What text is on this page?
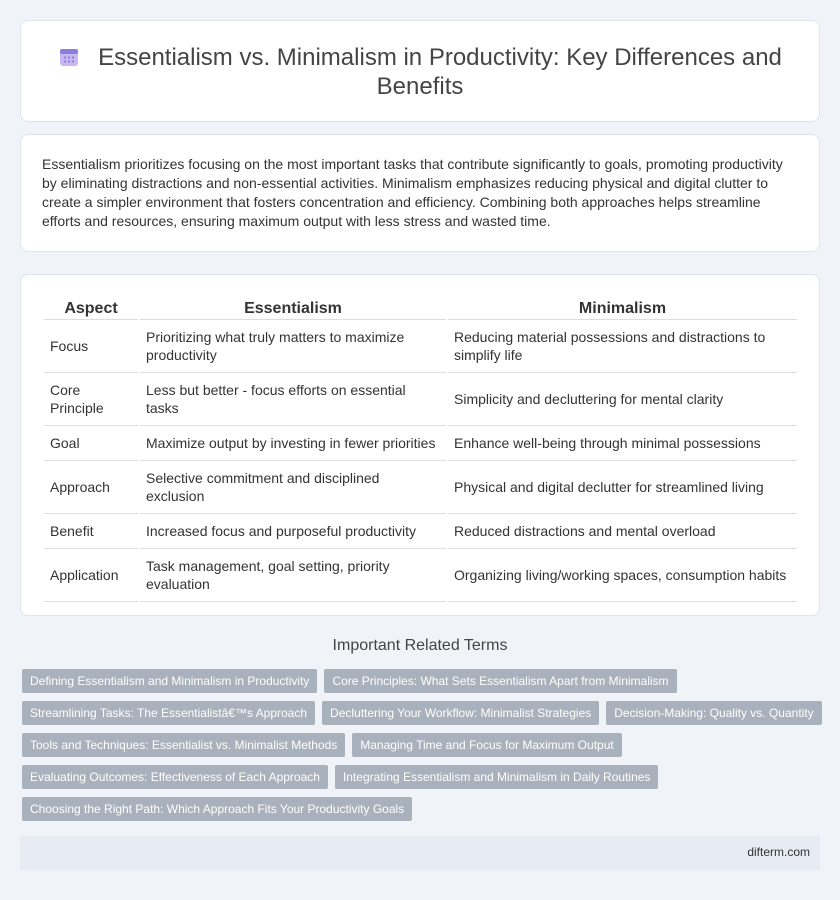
Essentialism vs. Minimalism in Productivity: Key Differences and Benefits

Essentialism prioritizes focusing on the most important tasks that contribute significantly to goals, promoting productivity by eliminating distractions and non-essential activities. Minimalism emphasizes reducing physical and digital clutter to create a simpler environment that fosters concentration and efficiency. Combining both approaches helps streamline efforts and resources, ensuring maximum output with less stress and wasted time.

Aspect	Essentialism	Minimalism
Focus	Prioritizing what truly matters to maximize productivity	Reducing material possessions and distractions to simplify life
Core Principle	Less but better - focus efforts on essential tasks	Simplicity and decluttering for mental clarity
Goal	Maximize output by investing in fewer priorities	Enhance well-being through minimal possessions
Approach	Selective commitment and disciplined exclusion	Physical and digital declutter for streamlined living
Benefit	Increased focus and purposeful productivity	Reduced distractions and mental overload
Application	Task management, goal setting, priority evaluation	Organizing living/working spaces, consumption habits
Important Related Terms
Defining Essentialism and Minimalism in Productivity	Core Principles: What Sets Essentialism Apart from Minimalism
Streamlining Tasks: The Essentialistâ€™s Approach	Decluttering Your Workflow: Minimalist Strategies	Decision-Making: Quality vs. Quantity
Tools and Techniques: Essentialist vs. Minimalist Methods	Managing Time and Focus for Maximum Output
Evaluating Outcomes: Effectiveness of Each Approach	Integrating Essentialism and Minimalism in Daily Routines
Choosing the Right Path: Which Approach Fits Your Productivity Goals
difterm.com
